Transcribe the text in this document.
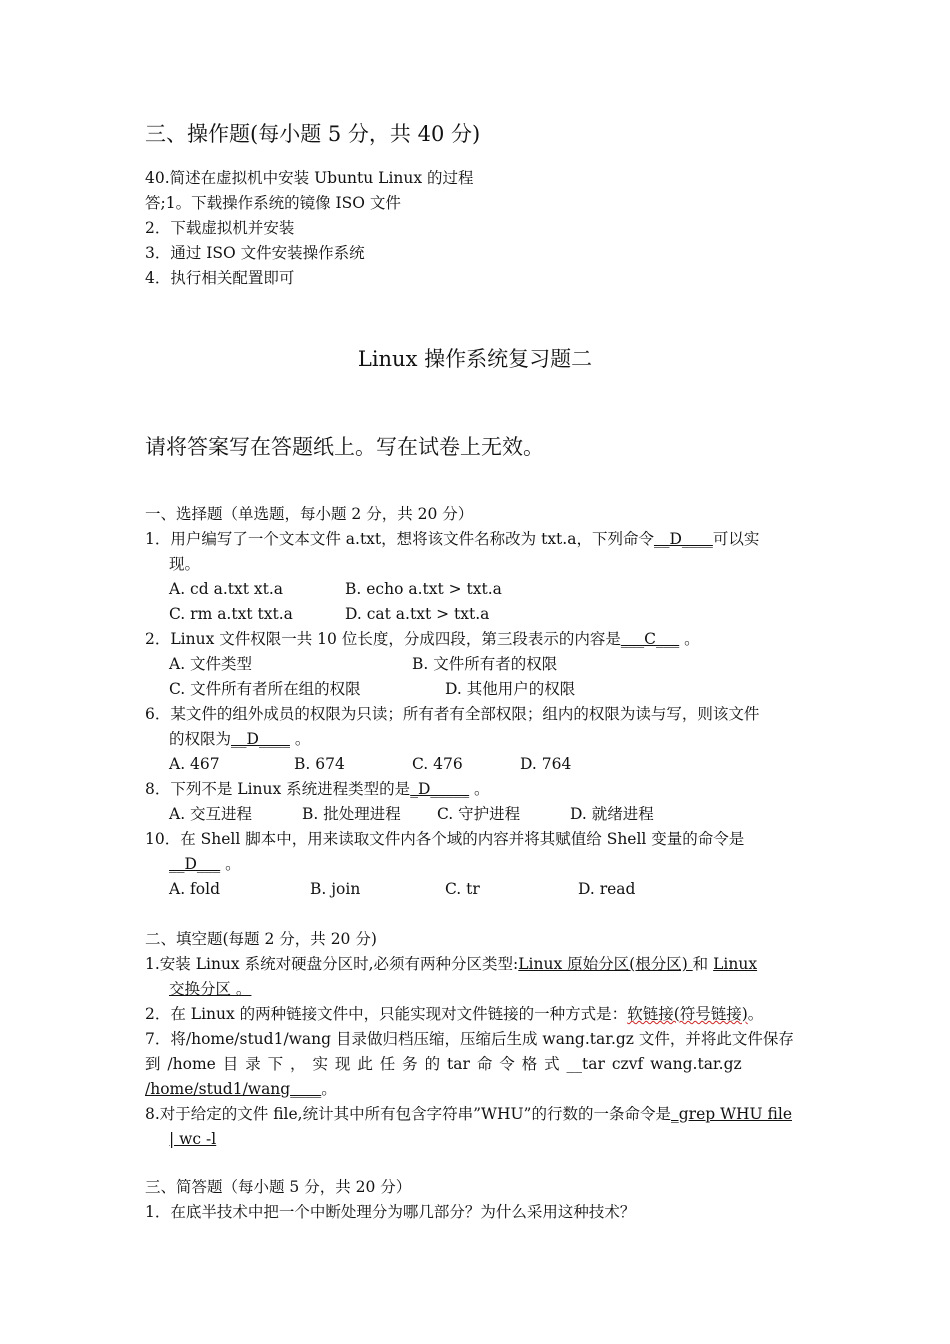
三、操作题(每小题 5 分，共 40 分)
40.简述在虚拟机中安装 Ubuntu Linux 的过程
答;1。下载操作系统的镜像 ISO 文件
2．下载虚拟机并安装
3．通过 ISO 文件安装操作系统
4．执行相关配置即可
Linux 操作系统复习题二
请将答案写在答题纸上。写在试卷上无效。
一、选择题（单选题，每小题 2 分，共 20 分）
1．用户编写了一个文本文件 a.txt，想将该文件名称改为 txt.a，下列命令__D____可以实
现。
A. cd a.txt xt.a	B. echo a.txt > txt.a
C. rm a.txt txt.a	D. cat a.txt > txt.a
2．Linux 文件权限一共 10 位长度，分成四段，第三段表示的内容是___C___ 。
A. 文件类型	B. 文件所有者的权限
C. 文件所有者所在组的权限	D. 其他用户的权限
6．某文件的组外成员的权限为只读；所有者有全部权限；组内的权限为读与写，则该文件
的权限为__D____ 。
A. 467	B. 674	C. 476	D. 764
8．下列不是 Linux 系统进程类型的是_D_____ 。
A. 交互进程	B. 批处理进程 C. 守护进程	D. 就绪进程
10．在 Shell 脚本中，用来读取文件内各个域的内容并将其赋值给 Shell 变量的命令是
__D___ 。
A. fold	B. join	C. tr	D. read
二、填空题(每题 2 分，共 20 分)
1.安装 Linux 系统对硬盘分区时,必须有两种分区类型:Linux 原始分区(根分区) 和 Linux
交换分区 。
2．在 Linux 的两种链接文件中，只能实现对文件链接的一种方式是：软链接(符号链接)。
7．将/home/stud1/wang 目录做归档压缩，压缩后生成 wang.tar.gz 文件，并将此文件保存
到 /home 目 录 下 ， 实 现 此 任 务 的 tar 命 令 格 式 __tar czvf wang.tar.gz
/home/stud1/wang____。
8.对于给定的文件 file,统计其中所有包含字符串”WHU”的行数的一条命令是_grep WHU file
| wc -l
三、简答题（每小题 5 分，共 20 分）
1．在底半技术中把一个中断处理分为哪几部分？为什么采用这种技术？
